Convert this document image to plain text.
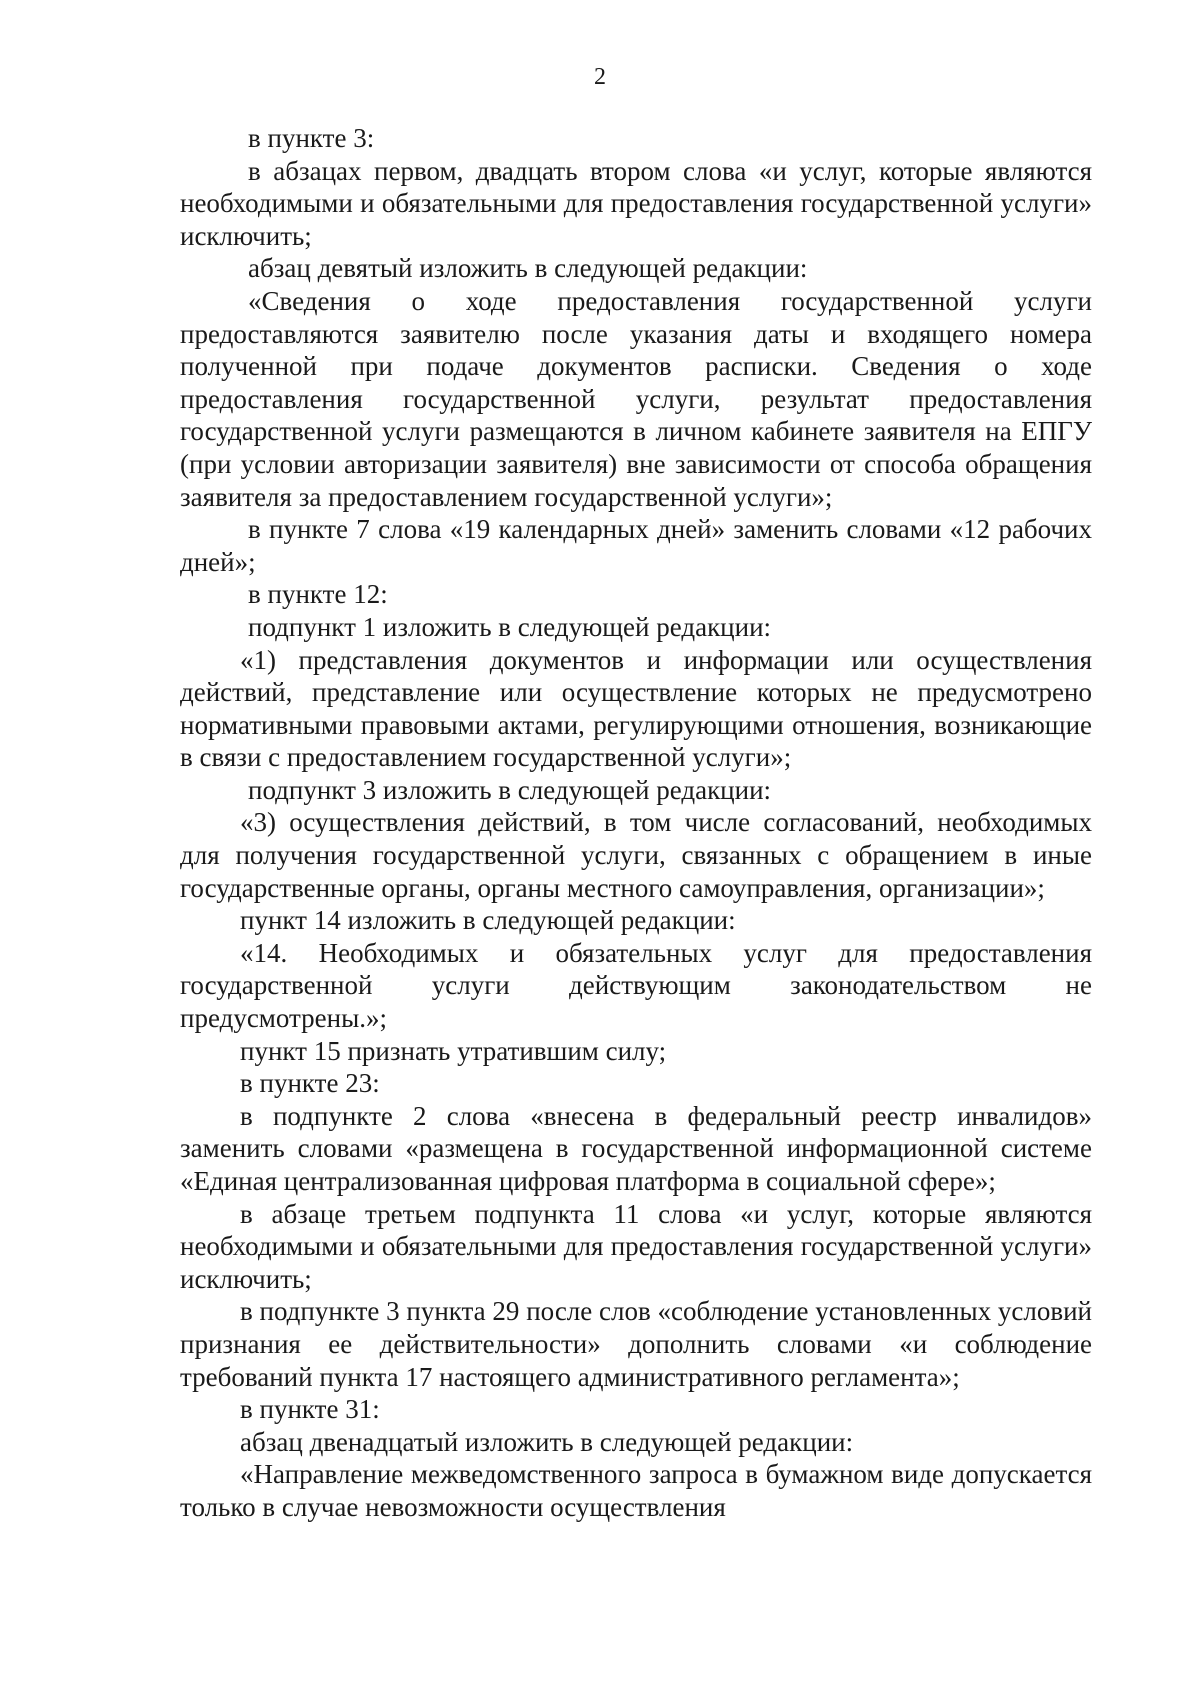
2

в пункте 3:

в абзацах первом, двадцать втором слова «и услуг, которые являются необходимыми и обязательными для предоставления государственной услуги» исключить;

абзац девятый изложить в следующей редакции:

«Сведения о ходе предоставления государственной услуги предоставляются заявителю после указания даты и входящего номера полученной при подаче документов расписки. Сведения о ходе предоставления государственной услуги, результат предоставления государственной услуги размещаются в личном кабинете заявителя на ЕПГУ (при условии авторизации заявителя) вне зависимости от способа обращения заявителя за предоставлением государственной услуги»;

в пункте 7 слова «19 календарных дней» заменить словами «12 рабочих дней»;

в пункте 12:

подпункт 1 изложить в следующей редакции:

«1) представления документов и информации или осуществления действий, представление или осуществление которых не предусмотрено нормативными правовыми актами, регулирующими отношения, возникающие в связи с предоставлением государственной услуги»;

подпункт 3 изложить в следующей редакции:

«3) осуществления действий, в том числе согласований, необходимых для получения государственной услуги, связанных с обращением в иные государственные органы, органы местного самоуправления, организации»;

пункт 14 изложить в следующей редакции:

«14. Необходимых и обязательных услуг для предоставления государственной услуги действующим законодательством не предусмотрены.»;

пункт 15 признать утратившим силу;

в пункте 23:

в подпункте 2 слова «внесена в федеральный реестр инвалидов» заменить словами «размещена в государственной информационной системе «Единая централизованная цифровая платформа в социальной сфере»;

в абзаце третьем подпункта 11 слова «и услуг, которые являются необходимыми и обязательными для предоставления государственной услуги» исключить;

в подпункте 3 пункта 29 после слов «соблюдение установленных условий признания ее действительности» дополнить словами «и соблюдение требований пункта 17 настоящего административного регламента»;

в пункте 31:

абзац двенадцатый изложить в следующей редакции:

«Направление межведомственного запроса в бумажном виде допускается только в случае невозможности осуществления
